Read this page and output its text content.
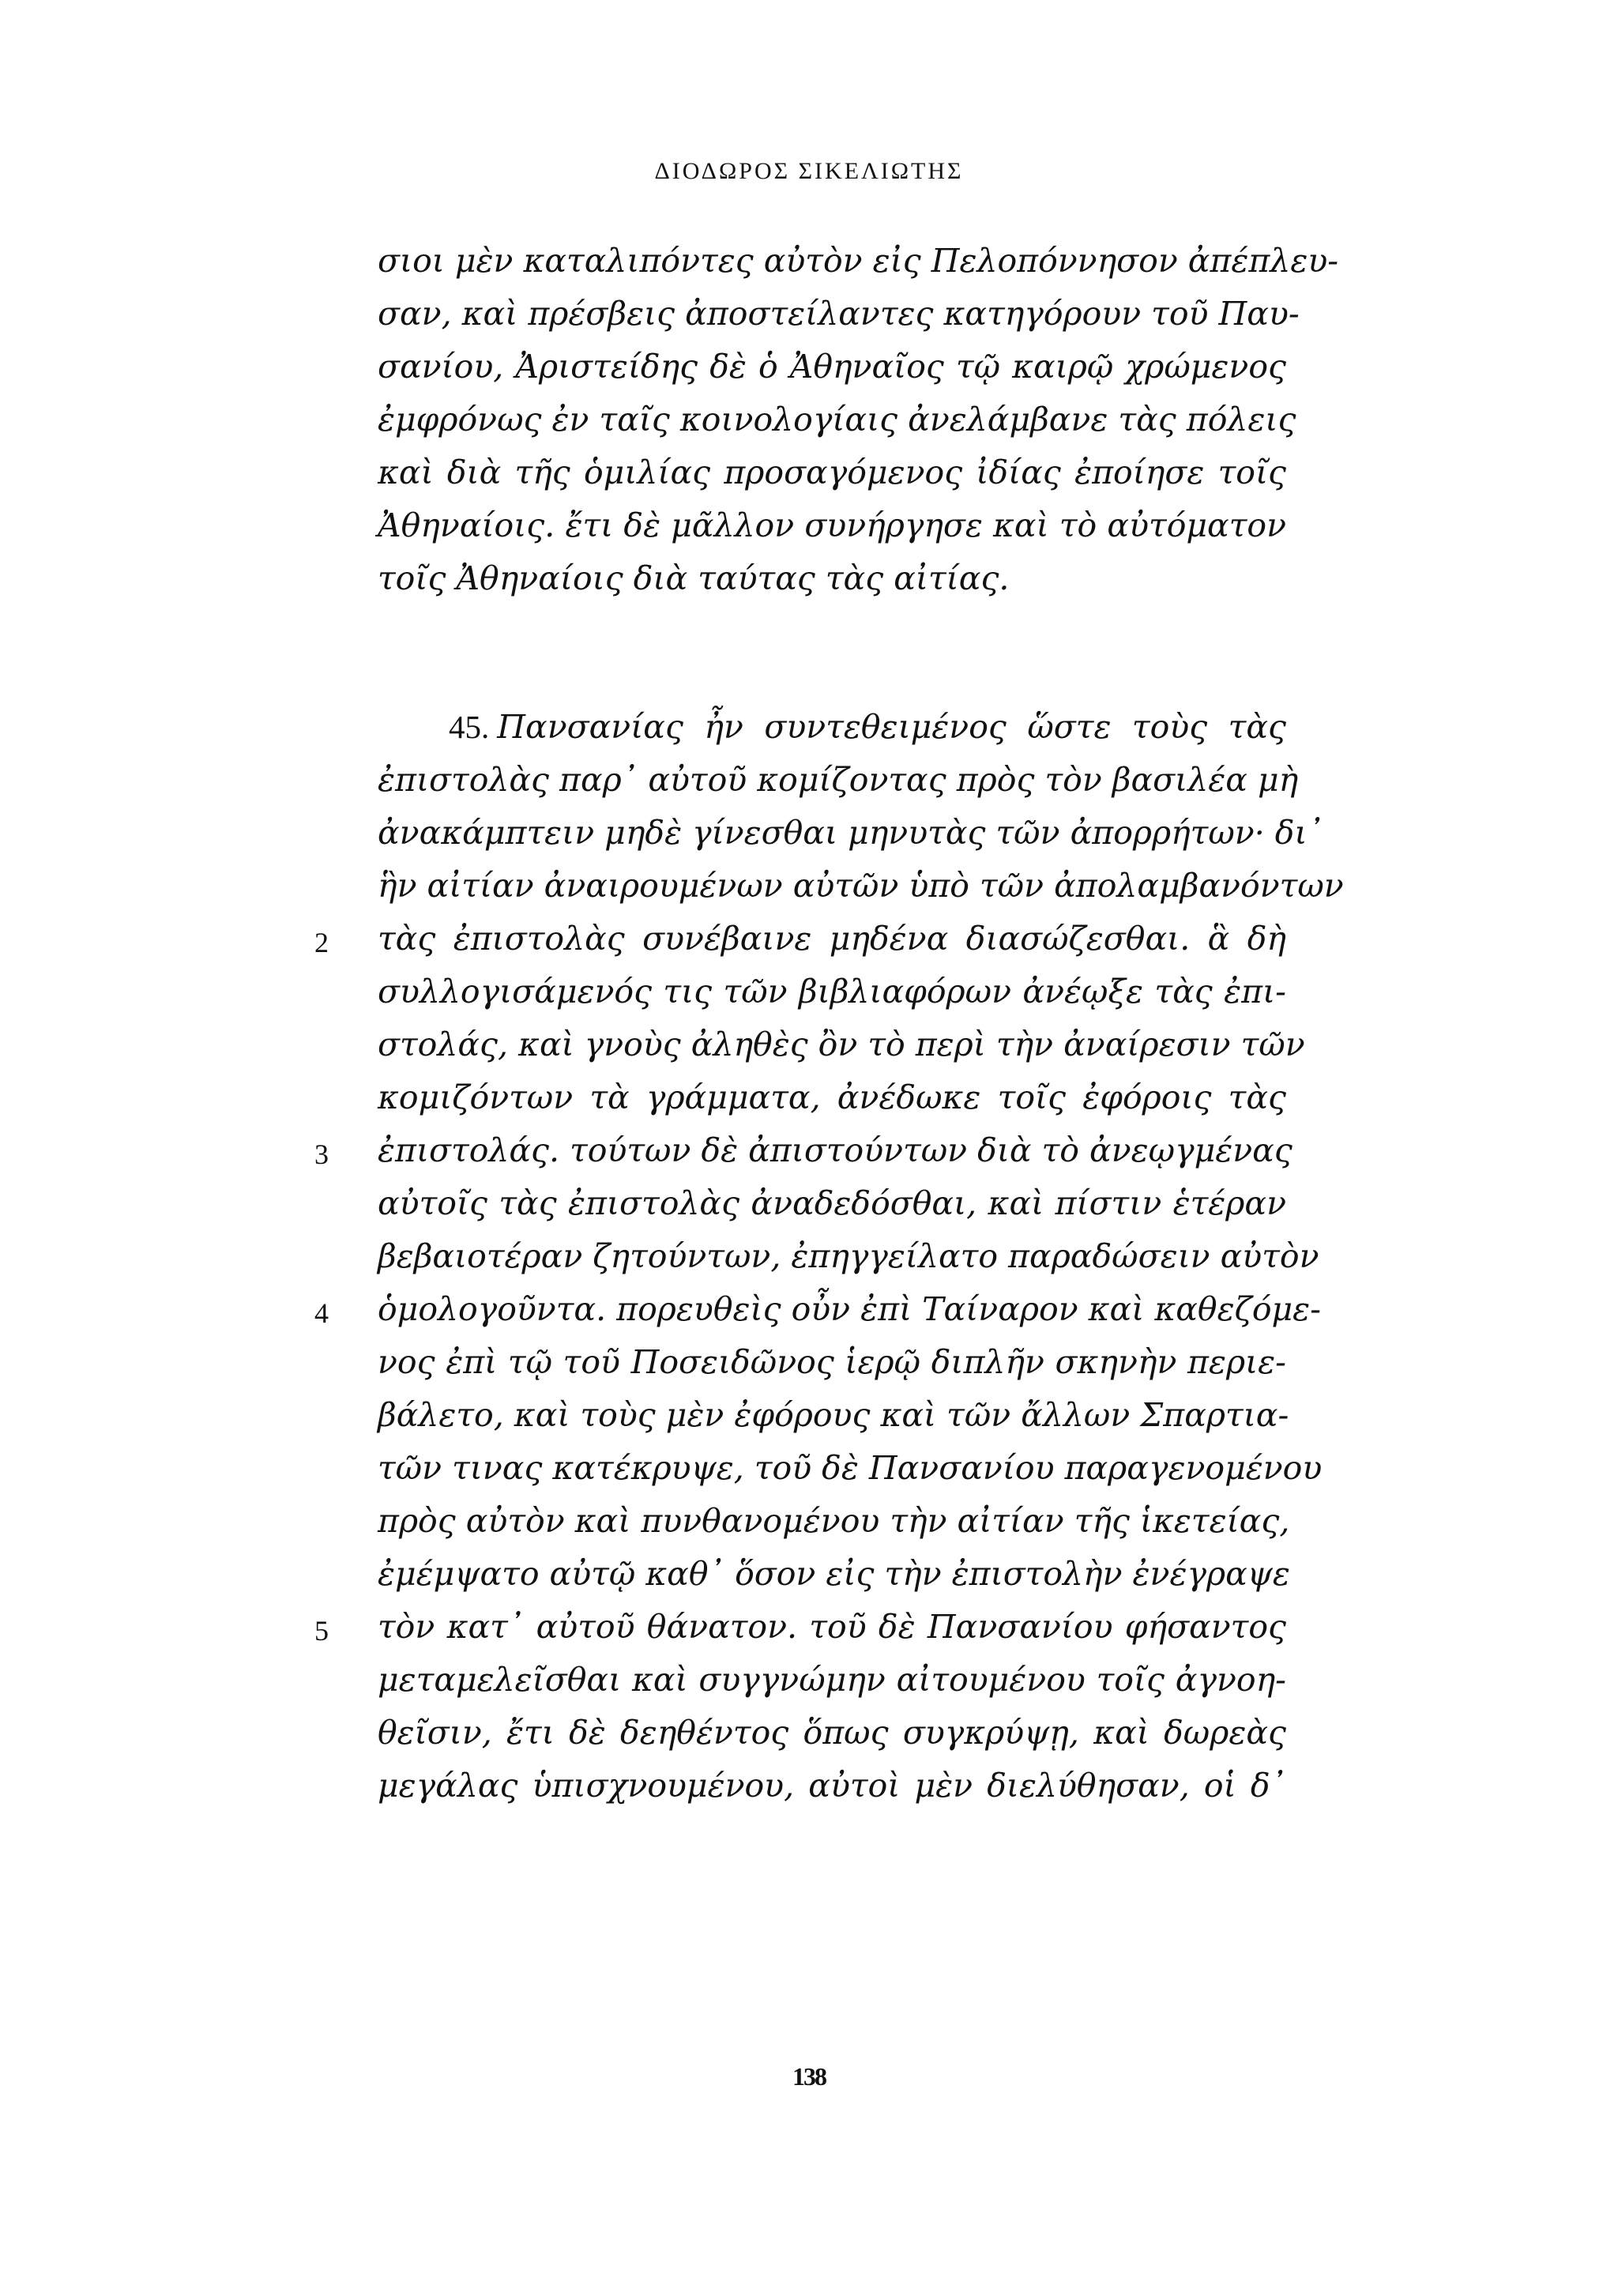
ΔΙΟΔΩΡΟΣ ΣΙΚΕΛΙΩΤΗΣ
σιοι μὲν καταλιπόντες αὐτὸν εἰς Πελοπόννησον ἀπέπλευ-
σαν, καὶ πρέσβεις ἀποστείλαντες κατηγόρουν τοῦ Παυ-
σανίου, Ἀριστείδης δὲ ὁ Ἀθηναῖος τῷ καιρῷ χρώμενος
ἐμφρόνως ἐν ταῖς κοινολογίαις ἀνελάμβανε τὰς πόλεις
καὶ διὰ τῆς ὁμιλίας προσαγόμενος ἰδίας ἐποίησε τοῖς
Ἀθηναίοις. ἔτι δὲ μᾶλλον συνήργησε καὶ τὸ αὐτόματον
τοῖς Ἀθηναίοις διὰ ταύτας τὰς αἰτίας.
45. Πανσανίας ἦν συντεθειμένος ὥστε τοὺς τὰς
ἐπιστολὰς παρ᾽ αὐτοῦ κομίζοντας πρὸς τὸν βασιλέα μὴ
ἀνακάμπτειν μηδὲ γίνεσθαι μηνυτὰς τῶν ἀπορρήτων· δι᾽
ἣν αἰτίαν ἀναιρουμένων αὐτῶν ὑπὸ τῶν ἀπολαμβανόντων
τὰς ἐπιστολὰς συνέβαινε μηδένα διασώζεσθαι. ἃ δὴ
συλλογισάμενός τις τῶν βιβλιαφόρων ἀνέῳξε τὰς ἐπι-
στολάς, καὶ γνοὺς ἀληθὲς ὂν τὸ περὶ τὴν ἀναίρεσιν τῶν
κομιζόντων τὰ γράμματα, ἀνέδωκε τοῖς ἐφόροις τὰς
ἐπιστολάς. τούτων δὲ ἀπιστούντων διὰ τὸ ἀνεῳγμένας
αὐτοῖς τὰς ἐπιστολὰς ἀναδεδόσθαι, καὶ πίστιν ἑτέραν
βεβαιοτέραν ζητούντων, ἐπηγγείλατο παραδώσειν αὐτὸν
ὁμολογοῦντα. πορευθεὶς οὖν ἐπὶ Ταίναρον καὶ καθεζόμε-
νος ἐπὶ τῷ τοῦ Ποσειδῶνος ἱερῷ διπλῆν σκηνὴν περιε-
βάλετο, καὶ τοὺς μὲν ἐφόρους καὶ τῶν ἄλλων Σπαρτια-
τῶν τινας κατέκρυψε, τοῦ δὲ Πανσανίου παραγενομένου
πρὸς αὐτὸν καὶ πυνθανομένου τὴν αἰτίαν τῆς ἱκετείας,
ἐμέμψατο αὐτῷ καθ᾽ ὅσον εἰς τὴν ἐπιστολὴν ἐνέγραψε
τὸν κατ᾽ αὐτοῦ θάνατον. τοῦ δὲ Πανσανίου φήσαντος
μεταμελεῖσθαι καὶ συγγνώμην αἰτουμένου τοῖς ἀγνοη-
θεῖσιν, ἔτι δὲ δεηθέντος ὅπως συγκρύψῃ, καὶ δωρεὰς
μεγάλας ὑπισχνουμένου, αὐτοὶ μὲν διελύθησαν, οἱ δ᾽
2
3
4
5
138
